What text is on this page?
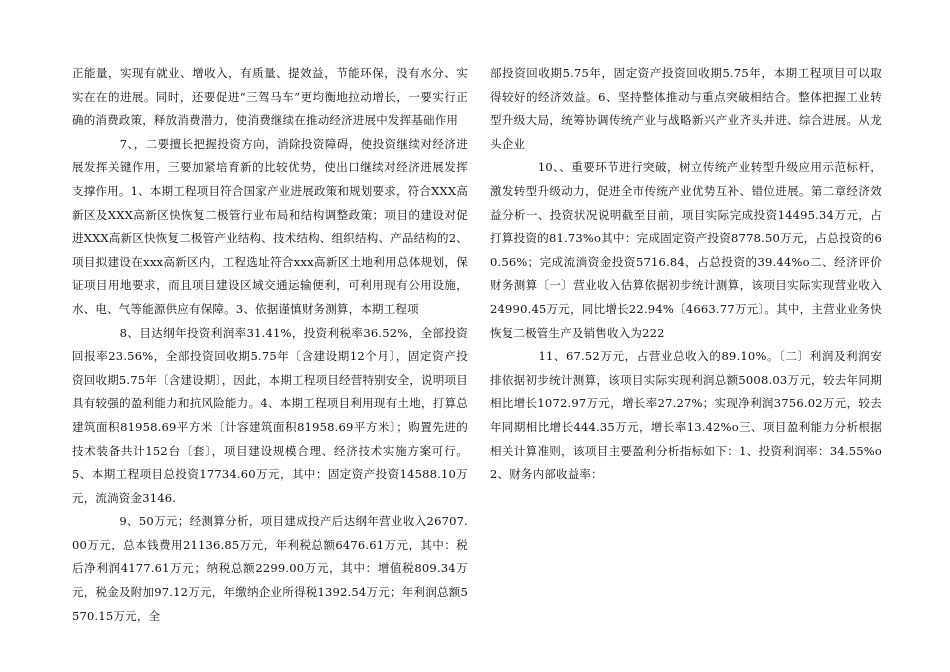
正能量，实现有就业、增收入，有质量、提效益，节能环保，没有水分、实实在在的进展。同时，还要促进“三驾马车”更均衡地拉动增长，一要实行正确的消费政策，释放消费潜力，使消费继续在推动经济进展中发挥基础作用

　　　　7、，二要擅长把握投资方向，消除投资障碍，使投资继续对经济进展发挥关键作用，三要加紧培育新的比较优势，使出口继续对经济进展发挥支撑作用。1、本期工程项目符合国家产业进展政策和规划要求，符合XXX高新区及XXX高新区快恢复二极管行业布局和结构调整政策；项目的建设对促进XXX高新区快恢复二极管产业结构、技术结构、组织结构、产品结构的2、项目拟建设在xxx高新区内，工程选址符合xxx高新区土地利用总体规划，保证项目用地要求，而且项目建设区域交通运输便利，可利用现有公用设施，水、电、气等能源供应有保障。3、依据谨慎财务测算，本期工程项

　　　　8、目达纲年投资利润率31.41%，投资利税率36.52%，全部投资回报率23.56%，全部投资回收期5.75年〔含建设期12个月〕，固定资产投资回收期5.75年〔含建设期〕，因此，本期工程项目经营特别安全，说明项目具有较强的盈利能力和抗风险能力。4、本期工程项目利用现有土地，打算总建筑面积81958.69平方米〔计容建筑面积81958.69平方米〕；购置先进的技术装备共计152台〔套〕，项目建设规模合理、经济技术实施方案可行。5、本期工程项目总投资17734.60万元，其中：固定资产投资14588.10万元，流淌资金3146.

　　　　9、50万元；经测算分析，项目建成投产后达纲年营业收入26707.00万元，总本钱费用21136.85万元，年利税总额6476.61万元，其中：税后净利润4177.61万元；纳税总额2299.00万元，其中：增值税809.34万元，税金及附加97.12万元，年缴纳企业所得税1392.54万元；年利润总额5570.15万元，全

部投资回收期5.75年，固定资产投资回收期5.75年，本期工程项目可以取得较好的经济效益。6、坚持整体推动与重点突破相结合。整体把握工业转型升级大局，统筹协调传统产业与战略新兴产业齐头并进、综合进展。从龙头企业

　　　　10、、重要环节进行突破，树立传统产业转型升级应用示范标杆，激发转型升级动力，促进全市传统产业优势互补、错位进展。第二章经济效益分析一、投资状况说明截至目前，项目实际完成投资14495.34万元，占打算投资的81.73%o其中：完成固定资产投资8778.50万元，占总投资的60.56%；完成流淌资金投资5716.84，占总投资的39.44%o二、经济评价财务测算〔一〕营业收入估算依据初步统计测算，该项目实际实现营业收入24990.45万元，同比增长22.94%〔4663.77万元〕。其中，主营业业务快恢复二极管生产及销售收入为222

　　　　11、67.52万元，占营业总收入的89.10%。〔二〕利润及利润安排依据初步统计测算，该项目实际实现利润总额5008.03万元，较去年同期相比增长1072.97万元，增长率27.27%；实现净利润3756.02万元，较去年同期相比增长444.35万元，增长率13.42%o三、项目盈利能力分析根据相关计算准则，该项目主要盈利分析指标如下：1、投资利润率：34.55%o2、财务内部收益率：
